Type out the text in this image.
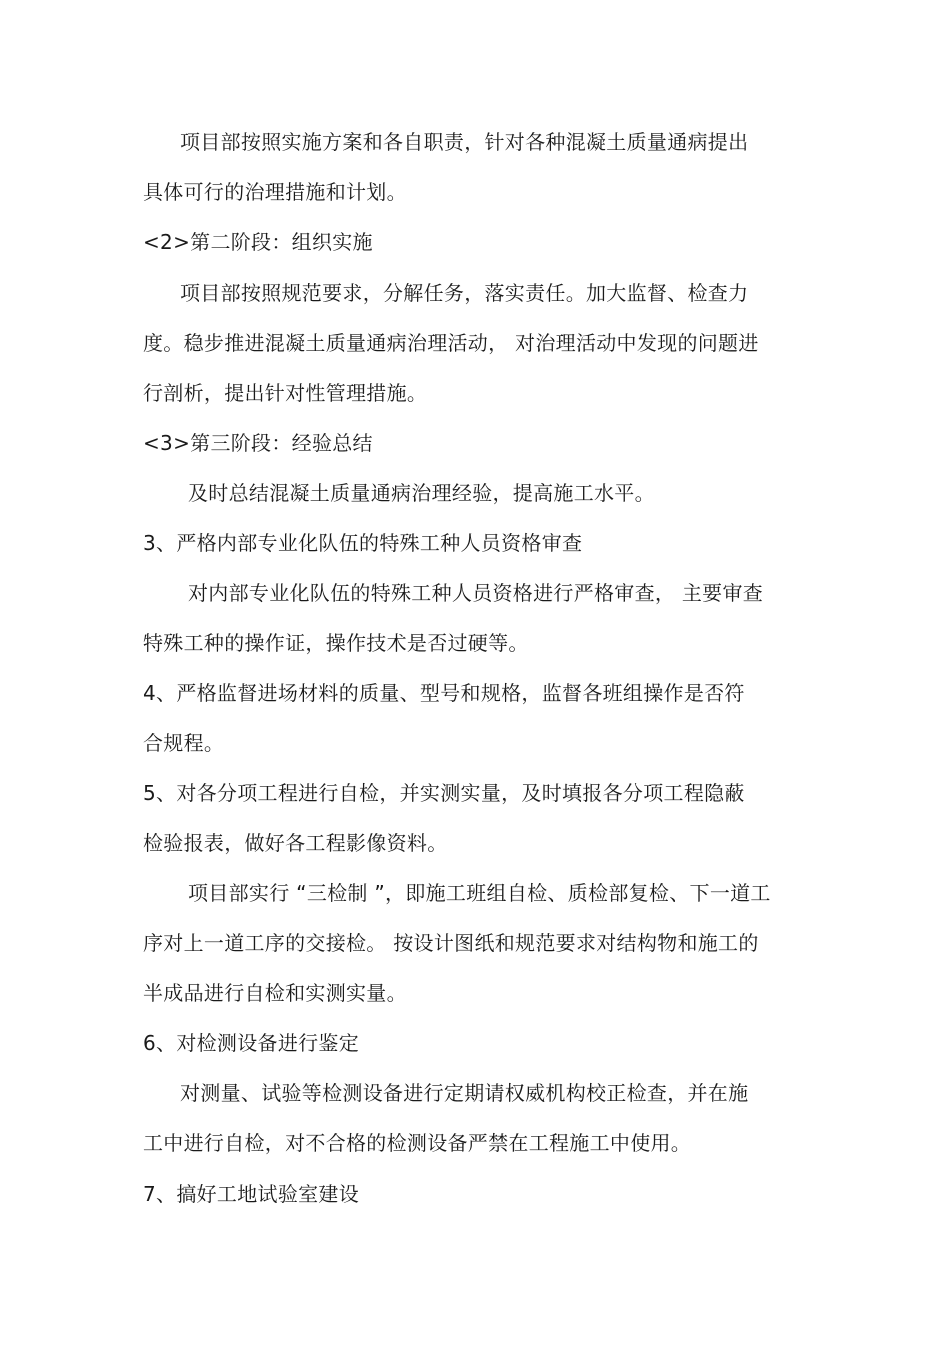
项目部按照实施方案和各自职责，针对各种混凝土质量通病提出
具体可行的治理措施和计划。
<2>第二阶段：组织实施
项目部按照规范要求，分解任务，落实责任。加大监督、检查力
度。稳步推进混凝土质量通病治理活动， 对治理活动中发现的问题进
行剖析，提出针对性管理措施。
<3>第三阶段：经验总结
及时总结混凝土质量通病治理经验，提高施工水平。
3、严格内部专业化队伍的特殊工种人员资格审查
对内部专业化队伍的特殊工种人员资格进行严格审查， 主要审查
特殊工种的操作证，操作技术是否过硬等。
4、严格监督进场材料的质量、型号和规格，监督各班组操作是否符
合规程。
5、对各分项工程进行自检，并实测实量，及时填报各分项工程隐蔽
检验报表，做好各工程影像资料。
项目部实行 “三检制 ”，即施工班组自检、质检部复检、下一道工
序对上一道工序的交接检。 按设计图纸和规范要求对结构物和施工的
半成品进行自检和实测实量。
6、对检测设备进行鉴定
对测量、试验等检测设备进行定期请权威机构校正检查，并在施
工中进行自检，对不合格的检测设备严禁在工程施工中使用。
7、搞好工地试验室建设
